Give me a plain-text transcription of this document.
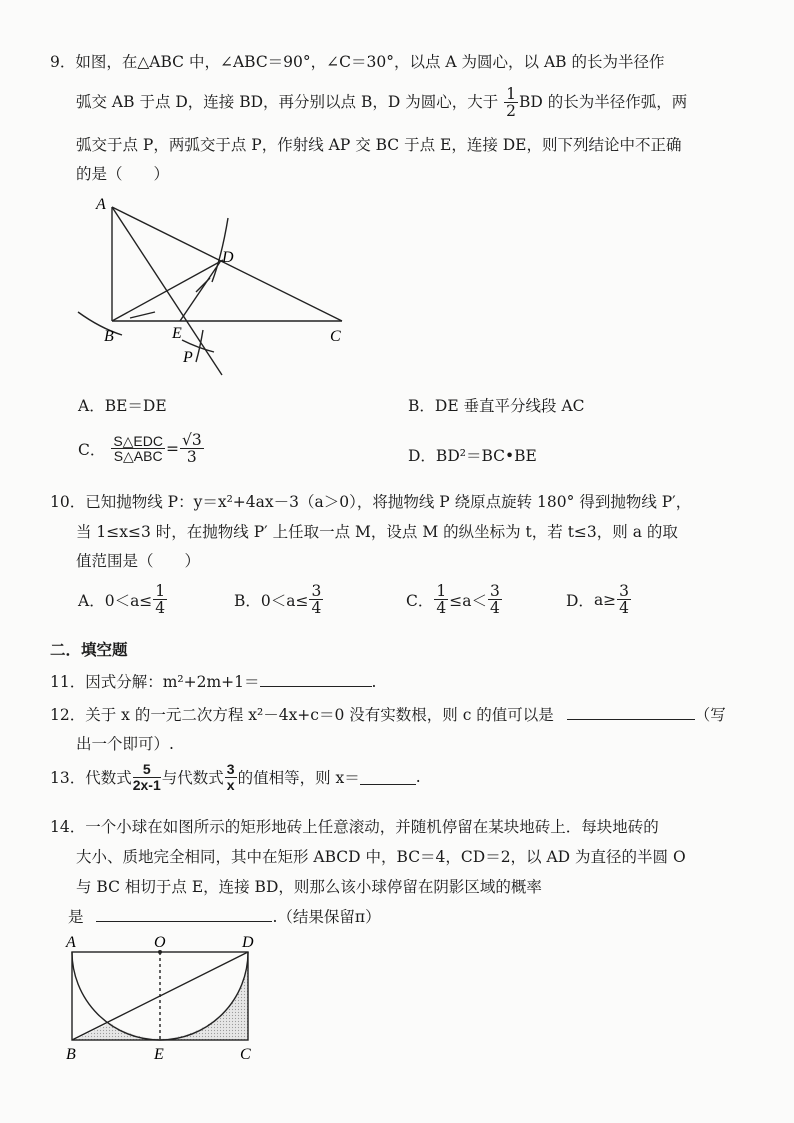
9．如图，在△ABC 中，∠ABC＝90°，∠C＝30°，以点 A 为圆心，以 AB 的长为半径作
弧交 AB 于点 D，连接 BD，再分别以点 B，D 为圆心，大于 $\frac{1}{2}$ BD 的长为半径作弧，两
弧交于点 P，两弧交于点 P，作射线 AP 交 BC 于点 E，连接 DE，则下列结论中不正确
的是（　　）
A
B	C
D
E
P
A．BE＝DE	B．DE 垂直平分线段 AC
C． $\frac{\text{S△EDC}}{\text{S△ABC}} = \frac{√3}{3}$	D．BD²＝BC•BE
10．已知抛物线 P：y＝x²+4ax－3（a＞0），将抛物线 P 绕原点旋转 180° 得到抛物线 P′，
当 1≤x≤3 时，在抛物线 P′ 上任取一点 M，设点 M 的纵坐标为 t，若 t≤3，则 a 的取
值范围是（　　）
A．$0<a\le \frac{1}{4}$	B．$0<a\le \frac{3}{4}$	C． $\frac{1}{4} \le a< \frac{3}{4}$	D．$a\ge \frac{3}{4}$
二．填空题
11．因式分解：m²+2m+1＝	.
12．关于 x 的一元二次方程 x²－4x+c＝0 没有实数根，则 c 的值可以是	（写
出一个即可）.
13．代数式 $\frac{5}{2x-1}$ 与代数式 $\frac{3}{x}$ 的值相等，则 x＝	.
14．一个小球在如图所示的矩形地砖上任意滚动，并随机停留在某块地砖上．每块地砖的
大小、质地完全相同，其中在矩形 ABCD 中，BC＝4，CD＝2，以 AD 为直径的半圆 O
与 BC 相切于点 E，连接 BD，则那么该小球停留在阴影区域的概率
是	.（结果保留π）
A	O	D
B	E	C
